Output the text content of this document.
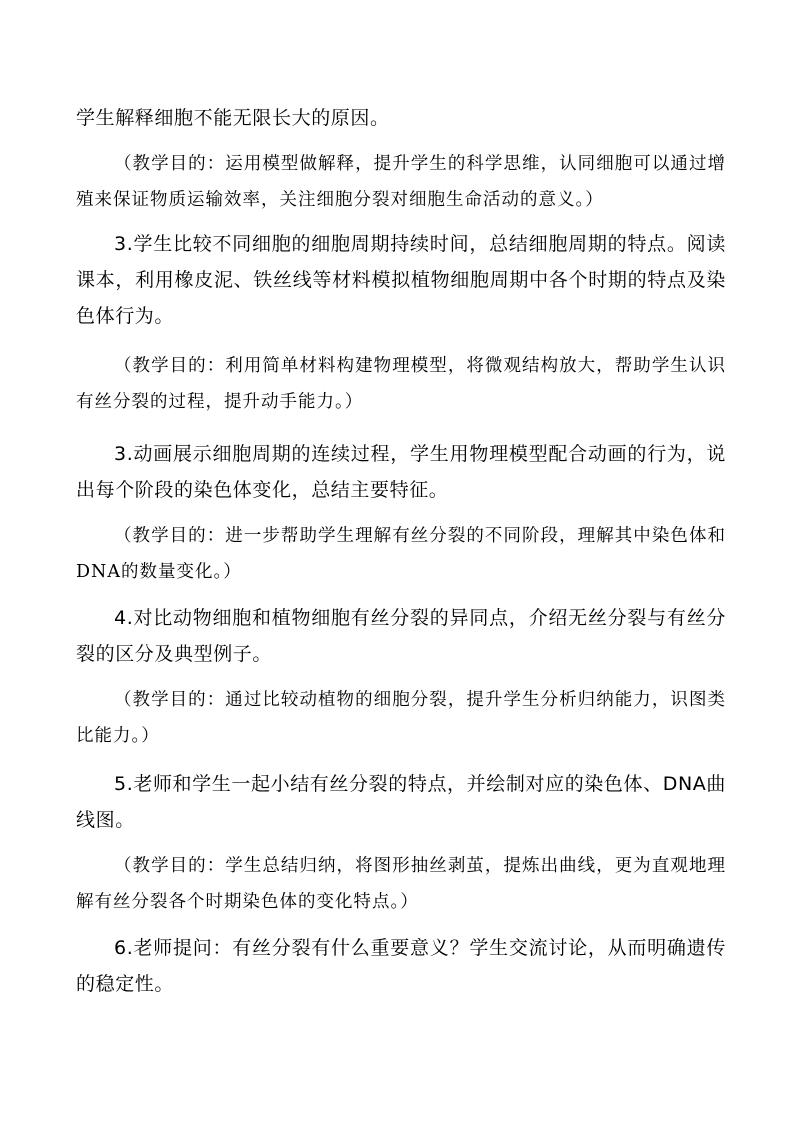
学生解释细胞不能无限长大的原因。

（教学目的：运用模型做解释，提升学生的科学思维，认同细胞可以通过增殖来保证物质运输效率，关注细胞分裂对细胞生命活动的意义。）

3.学生比较不同细胞的细胞周期持续时间，总结细胞周期的特点。阅读课本，利用橡皮泥、铁丝线等材料模拟植物细胞周期中各个时期的特点及染色体行为。

（教学目的：利用简单材料构建物理模型，将微观结构放大，帮助学生认识有丝分裂的过程，提升动手能力。）

3.动画展示细胞周期的连续过程，学生用物理模型配合动画的行为，说出每个阶段的染色体变化，总结主要特征。

（教学目的：进一步帮助学生理解有丝分裂的不同阶段，理解其中染色体和DNA的数量变化。）

4.对比动物细胞和植物细胞有丝分裂的异同点，介绍无丝分裂与有丝分裂的区分及典型例子。

（教学目的：通过比较动植物的细胞分裂，提升学生分析归纳能力，识图类比能力。）

5.老师和学生一起小结有丝分裂的特点，并绘制对应的染色体、DNA曲线图。

（教学目的：学生总结归纳，将图形抽丝剥茧，提炼出曲线，更为直观地理解有丝分裂各个时期染色体的变化特点。）

6.老师提问：有丝分裂有什么重要意义？学生交流讨论，从而明确遗传的稳定性。
